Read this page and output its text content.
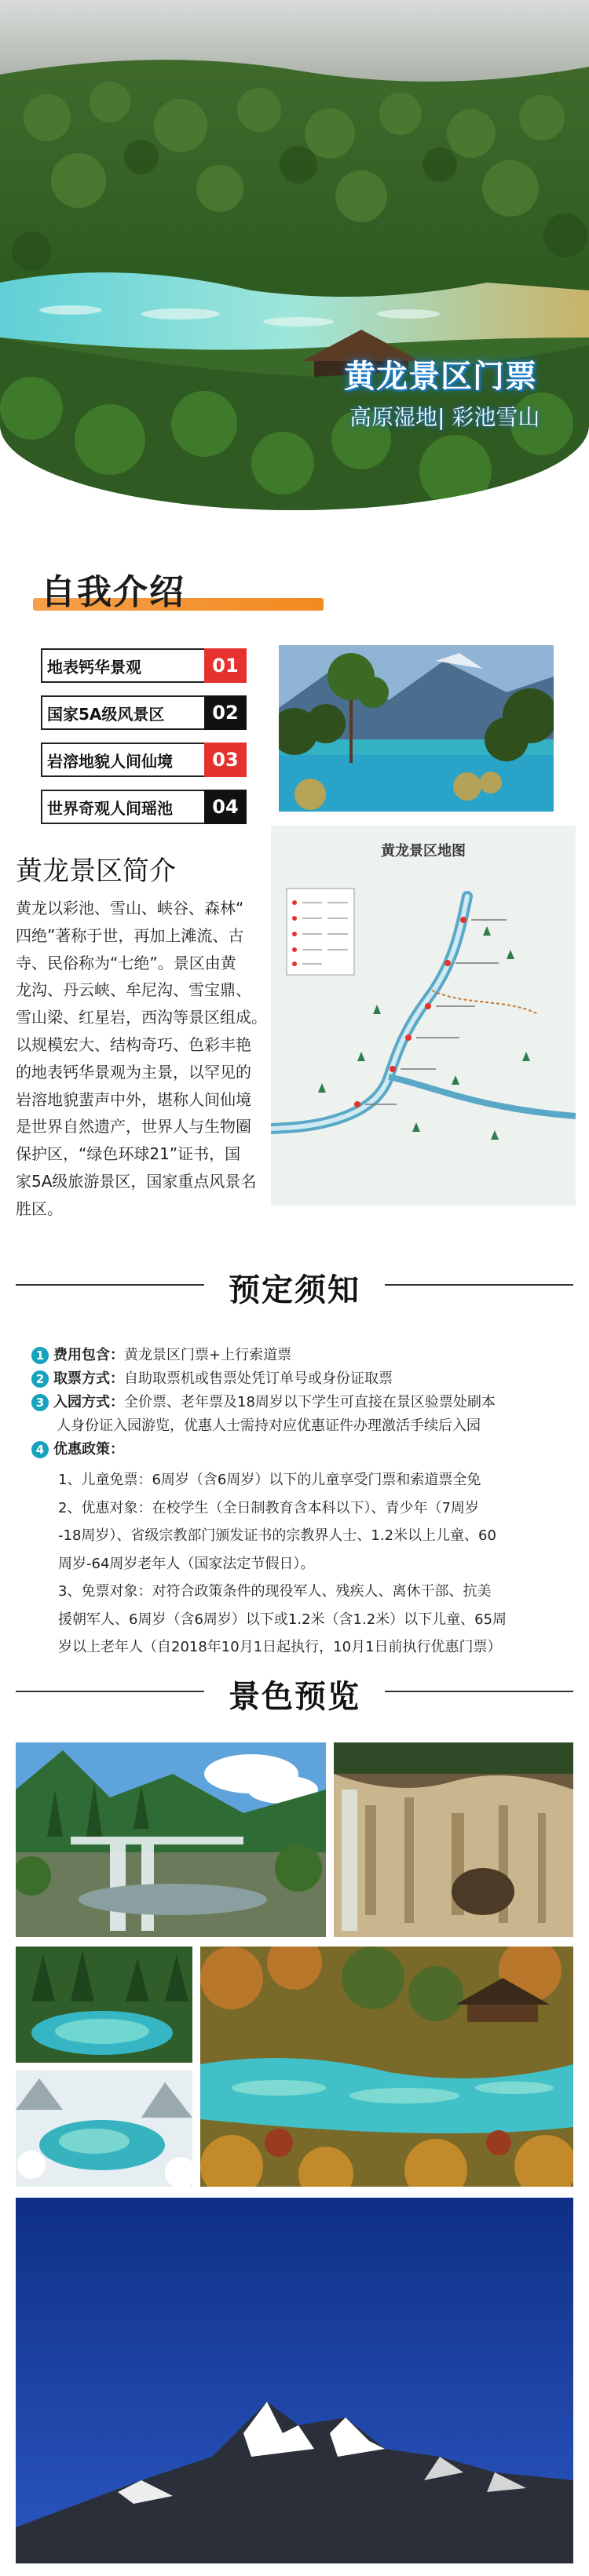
黄龙景区门票
高原湿地| 彩池雪山
自我介绍
地表钙华景观	01
国家5A级风景区	02
岩溶地貌人间仙境	03
世界奇观人间瑶池	04
黄龙景区简介
黄龙以彩池、雪山、峡谷、森林“
四绝”著称于世，再加上滩流、古
寺、民俗称为“七绝”。景区由黄
龙沟、丹云峡、牟尼沟、雪宝鼎、
雪山梁、红星岩，西沟等景区组成。
以规模宏大、结构奇巧、色彩丰艳
的地表钙华景观为主景，以罕见的
岩溶地貌蜚声中外，堪称人间仙境
是世界自然遗产，世界人与生物圈
保护区，“绿色环球21”证书，国
家5A级旅游景区，国家重点风景名
胜区。
黄龙景区地图
预定须知
1 费用包含： 黄龙景区门票+上行索道票
2 取票方式： 自助取票机或售票处凭订单号或身份证取票
3 入园方式： 全价票、老年票及18周岁以下学生可直接在景区验票处刷本
人身份证入园游览，优惠人士需持对应优惠证件办理激活手续后入园
4 优惠政策：
1、儿童免票：6周岁（含6周岁）以下的儿童享受门票和索道票全免
2、优惠对象：在校学生（全日制教育含本科以下）、青少年（7周岁
-18周岁）、省级宗教部门颁发证书的宗教界人士、1.2米以上儿童、60
周岁-64周岁老年人（国家法定节假日）。
3、免票对象：对符合政策条件的现役军人、残疾人、离休干部、抗美
援朝军人、6周岁（含6周岁）以下或1.2米（含1.2米）以下儿童、65周
岁以上老年人（自2018年10月1日起执行，10月1日前执行优惠门票）
景色预览
